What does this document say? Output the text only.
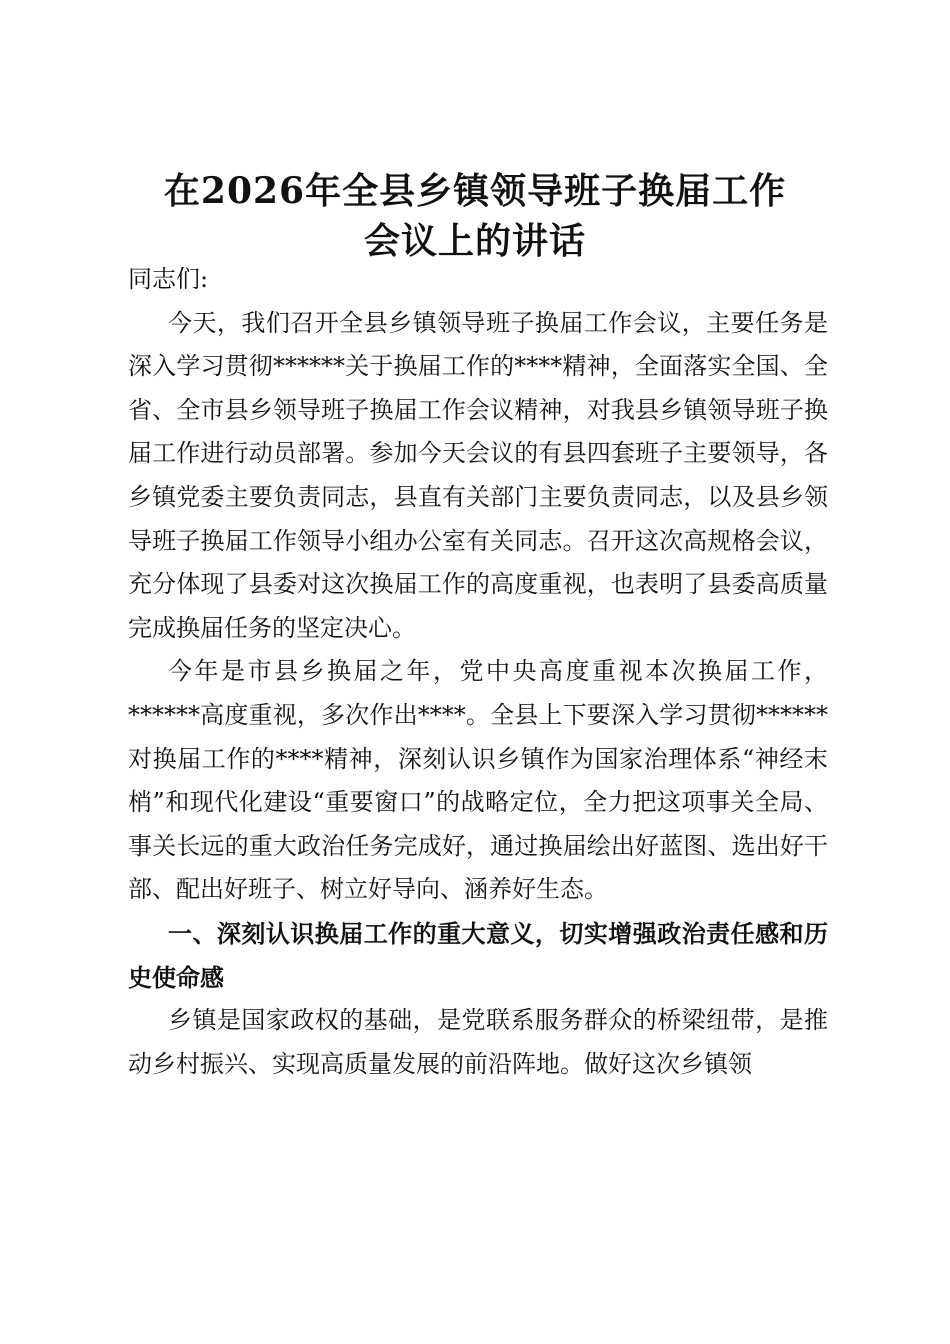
在2026年全县乡镇领导班子换届工作
会议上的讲话

同志们:

今天，我们召开全县乡镇领导班子换届工作会议，主要任务是深入学习贯彻******关于换届工作的****精神，全面落实全国、全省、全市县乡领导班子换届工作会议精神，对我县乡镇领导班子换届工作进行动员部署。参加今天会议的有县四套班子主要领导，各乡镇党委主要负责同志，县直有关部门主要负责同志，以及县乡领导班子换届工作领导小组办公室有关同志。召开这次高规格会议，充分体现了县委对这次换届工作的高度重视，也表明了县委高质量完成换届任务的坚定决心。

今年是市县乡换届之年，党中央高度重视本次换届工作，******高度重视，多次作出****。全县上下要深入学习贯彻******对换届工作的****精神，深刻认识乡镇作为国家治理体系“神经末梢”和现代化建设“重要窗口”的战略定位，全力把这项事关全局、事关长远的重大政治任务完成好，通过换届绘出好蓝图、选出好干部、配出好班子、树立好导向、涵养好生态。

一、深刻认识换届工作的重大意义，切实增强政治责任感和历史使命感

乡镇是国家政权的基础，是党联系服务群众的桥梁纽带，是推动乡村振兴、实现高质量发展的前沿阵地。做好这次乡镇领
